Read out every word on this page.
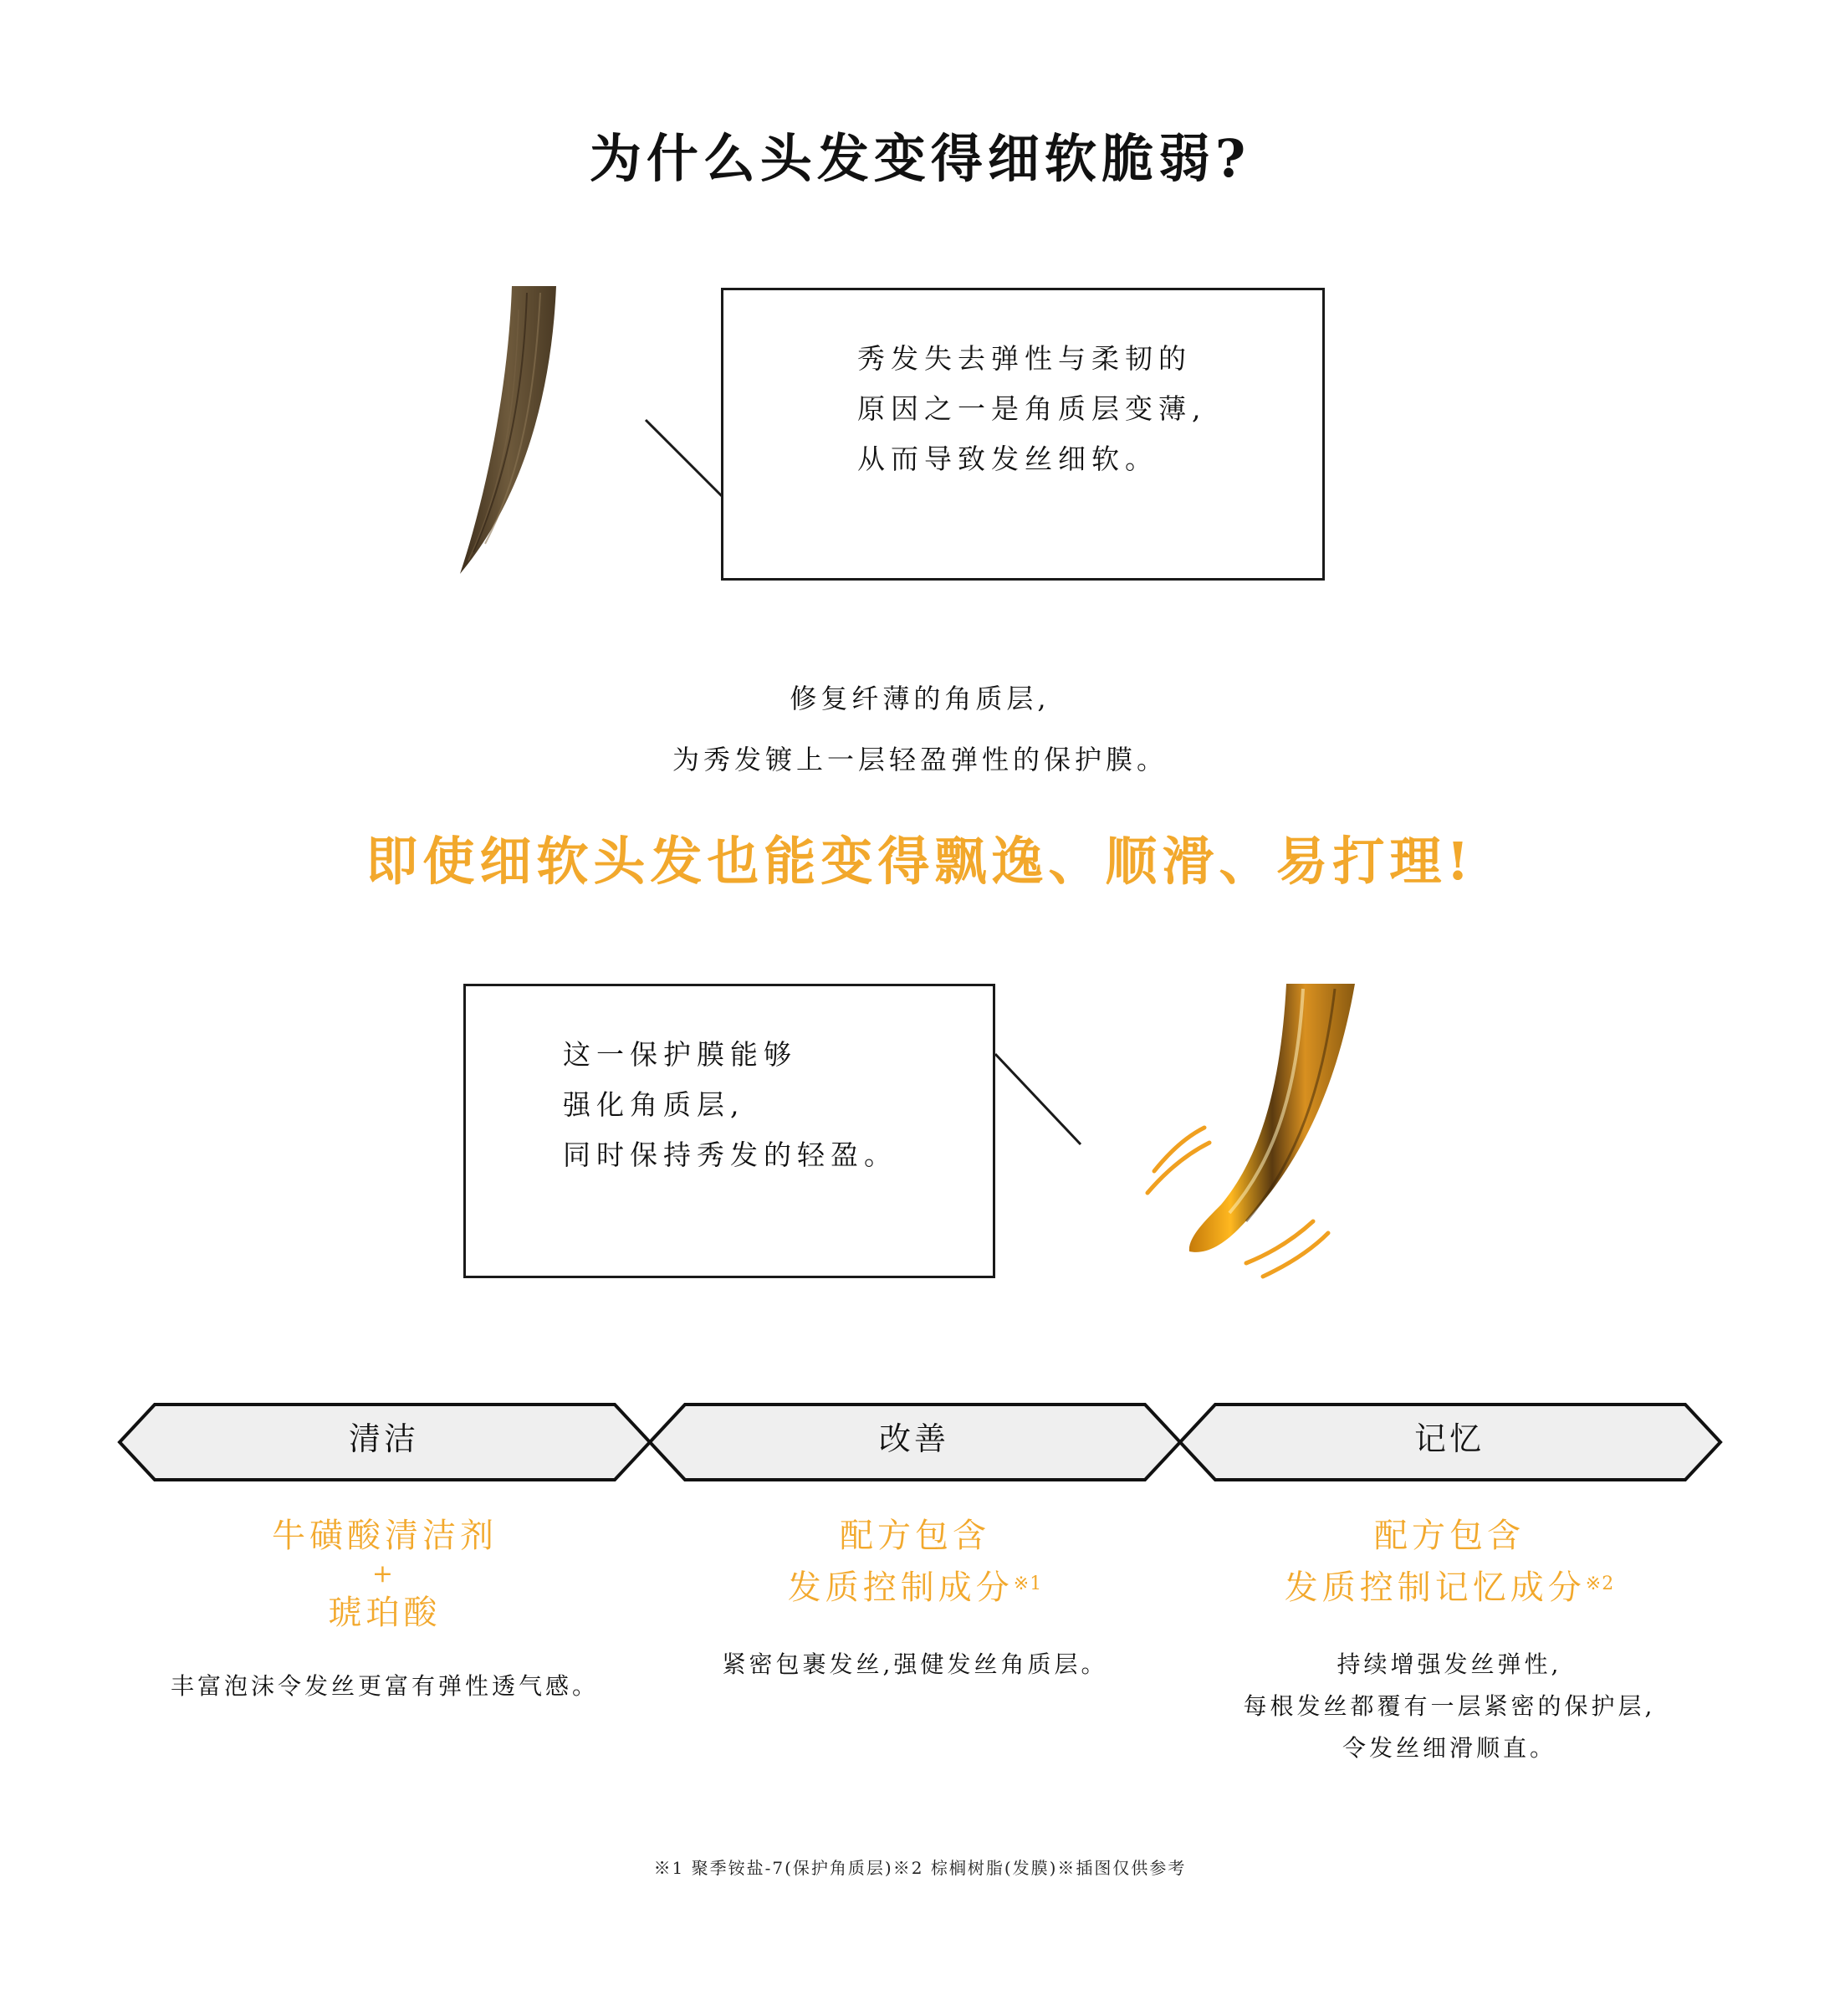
为什么头发变得细软脆弱?
秀发失去弹性与柔韧的
原因之一是角质层变薄,
从而导致发丝细软。
修复纤薄的角质层,
为秀发镀上一层轻盈弹性的保护膜。
即使细软头发也能变得飘逸、顺滑、易打理!
这一保护膜能够
强化角质层,
同时保持秀发的轻盈。
清洁	改善	记忆
牛磺酸清洁剂
+
琥珀酸
丰富泡沫令发丝更富有弹性透气感。
配方包含
发质控制成分$^{※1}$
紧密包裹发丝,强健发丝角质层。
配方包含
发质控制记忆成分$^{※2}$
持续增强发丝弹性,
每根发丝都覆有一层紧密的保护层,
令发丝细滑顺直。
※1 聚季铵盐-7(保护角质层)※2 棕榈树脂(发膜)※插图仅供参考
